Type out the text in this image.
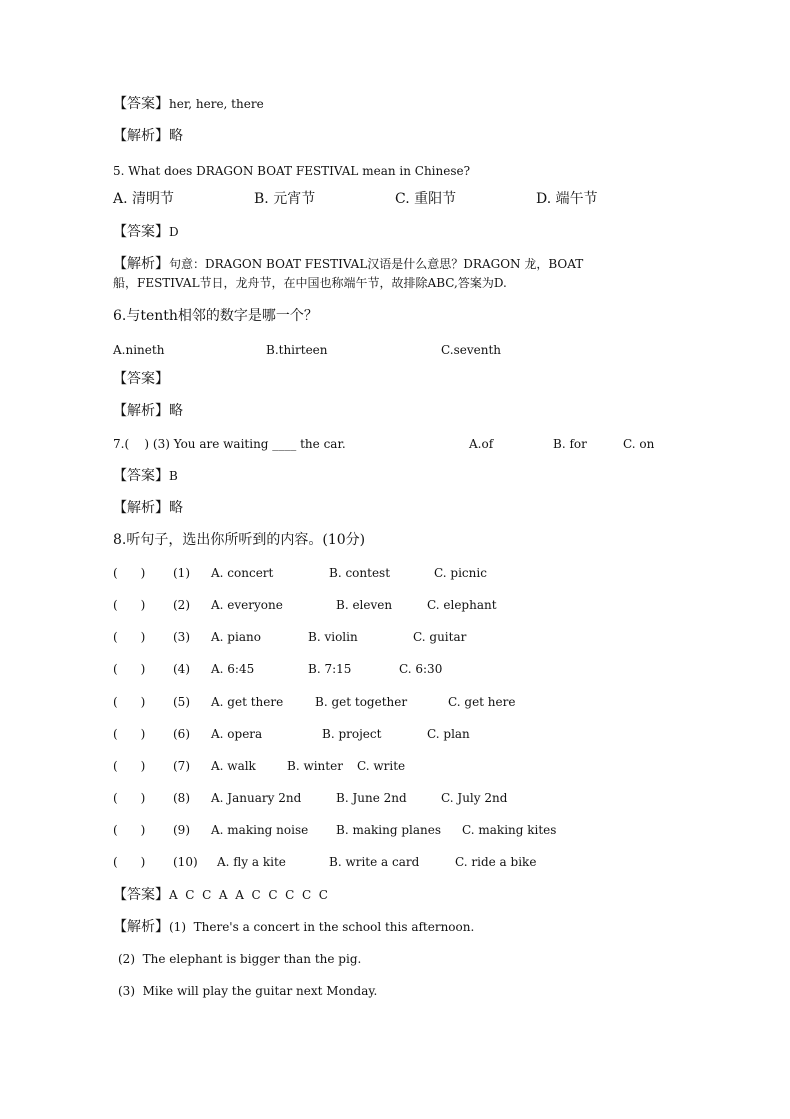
【答案】her, here, there
【解析】略
5. What does DRAGON BOAT FESTIVAL mean in Chinese?
A. 清明节	B. 元宵节	C. 重阳节	D. 端午节
【答案】D
【解析】句意：DRAGON BOAT FESTIVAL汉语是什么意思？DRAGON 龙，BOAT
船，FESTIVAL节日，龙舟节，在中国也称端午节，故排除ABC,答案为D.
6.与tenth相邻的数字是哪一个？
A.nineth	B.thirteen	C.seventh
【答案】
【解析】略
7.(    ) (3) You are waiting ____ the car.	A.of	B. for	C. on
【答案】B
【解析】略
8.听句子，选出你所听到的内容。(10分)
(      ) (1) A. concert	B. contest	C. picnic
(      ) (2) A. everyone	B. eleven	C. elephant
(      ) (3) A. piano	B. violin	C. guitar
(      ) (4) A. 6:45	B. 7:15	C. 6:30
(      ) (5) A. get there	B. get together	C. get here
(      ) (6) A. opera	B. project	C. plan
(      ) (7) A. walk	B. winter C. write
(      ) (8) A. January 2nd	B. June 2nd	C. July 2nd
(      ) (9) A. making noise B. making planes C. making kites
(      ) (10) A. fly a kite	B. write a card	C. ride a bike
【答案】A  C  C  A  A  C  C  C  C  C
【解析】(1)  There's a concert in the school this afternoon.
(2)  The elephant is bigger than the pig.
(3)  Mike will play the guitar next Monday.
